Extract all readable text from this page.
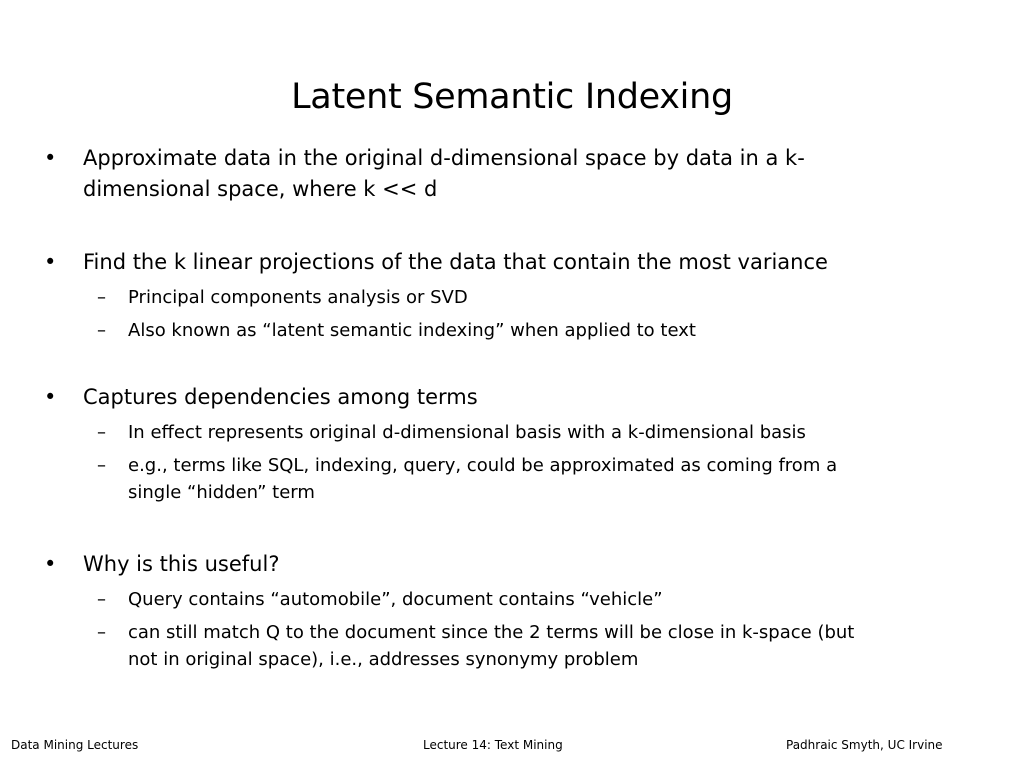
Latent Semantic Indexing
• Approximate data in the original d-dimensional space by data in a k-
dimensional space, where k << d
• Find the k linear projections of the data that contain the most variance
– Principal components analysis or SVD
– Also known as “latent semantic indexing” when applied to text
• Captures dependencies among terms
– In effect represents original d-dimensional basis with a k-dimensional basis
– e.g., terms like SQL, indexing, query, could be approximated as coming from a
single “hidden” term
• Why is this useful?
– Query contains “automobile”, document contains “vehicle”
– can still match Q to the document since the 2 terms will be close in k-space (but
not in original space), i.e., addresses synonymy problem
Data Mining Lectures	Lecture 14: Text Mining	Padhraic Smyth, UC Irvine
